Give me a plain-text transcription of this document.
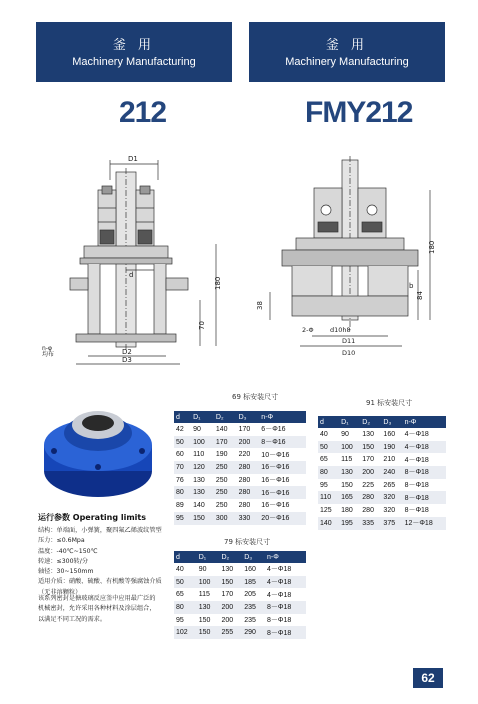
釜 用
Machinery Manufacturing
釜 用
Machinery Manufacturing
212	FMY212
D1
d
D2
D3
180
70
n-φ
均布
180
84
b
38
2-Φ	d10h8
D11
D10
69 标安装尺寸
d	D₁	D₂	D₃	n-Φ
42	90	140	170	6－Φ16
50	100	170	200	8－Φ16
60	110	190	220	10－Φ16
70	120	250	280	16－Φ16
76	130	250	280	16－Φ16
80	130	250	280	16－Φ16
89	140	250	280	16－Φ16
95	150	300	330	20－Φ16
91 标安装尺寸
d	D₁	D₂	D₃	n-Φ
40	90	130	160	4－Φ18
50	100	150	190	4－Φ18
65	115	170	210	4－Φ18
80	130	200	240	8－Φ18
95	150	225	265	8－Φ18
110	165	280	320	8－Φ18
125	180	280	320	8－Φ18
140	195	335	375	12－Φ18
79 标安装尺寸
d	D₁	D₂	D₃	n-Φ
40	90	130	160	4－Φ18
50	100	150	185	4－Φ18
65	115	170	205	4－Φ18
80	130	200	235	8－Φ18
95	150	200	235	8－Φ18
102	150	255	290	8－Φ18
运行参数 Operating limits
结构：单端面，小弹簧，聚四氟乙烯波纹管型
压力：≤0.6Mpa
温度：-40℃~150℃
转速：≤300转/分
轴径：30~150mm
适用介质：硝酸、硫酸、有机酸等强腐蚀介质
（无非溶颗粒）
该系列密封是搪玻璃反应釜中应用最广泛的
机械密封，允许采用各种材料及涂层组合，
以满足不同工况的需求。
62
